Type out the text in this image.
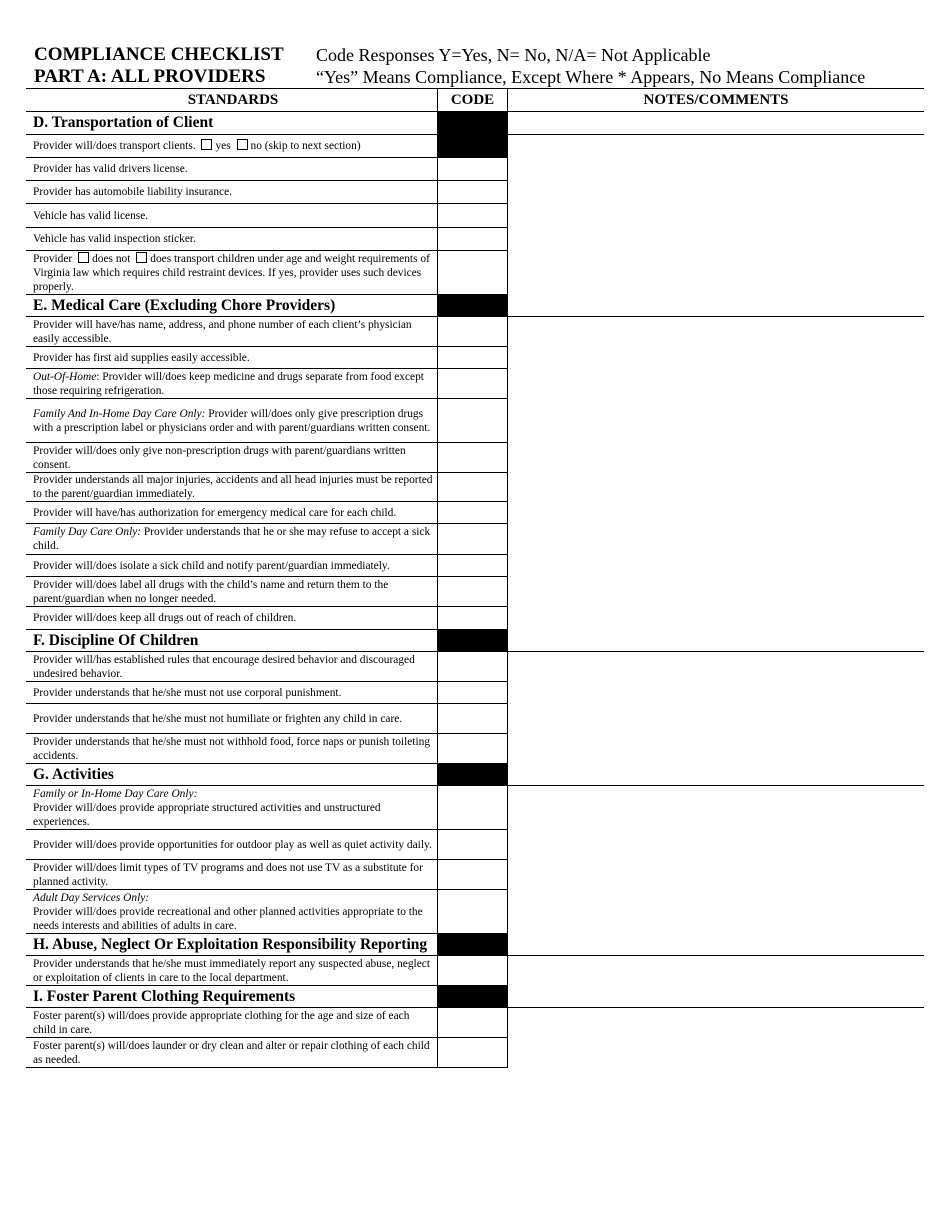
COMPLIANCE CHECKLIST
PART A: ALL PROVIDERS
Code Responses Y=Yes, N= No, N/A= Not Applicable
“Yes” Means Compliance, Except Where * Appears, No Means Compliance
STANDARDS	CODE	NOTES/COMMENTS
D. Transportation of Client
Provider will/does transport clients. yes no (skip to next section)
Provider has valid drivers license.
Provider has automobile liability insurance.
Vehicle has valid license.
Vehicle has valid inspection sticker.
Provider does not does transport children under age and weight requirements of Virginia law which requires child restraint devices. If yes, provider uses such devices properly.
E. Medical Care (Excluding Chore Providers)
Provider will have/has name, address, and phone number of each client’s physician easily accessible.
Provider has first aid supplies easily accessible.
Out-Of-Home: Provider will/does keep medicine and drugs separate from food except those requiring refrigeration.
Family And In-Home Day Care Only: Provider will/does only give prescription drugs with a prescription label or physicians order and with parent/guardians written consent.
Provider will/does only give non-prescription drugs with parent/guardians written consent.
Provider understands all major injuries, accidents and all head injuries must be reported to the parent/guardian immediately.
Provider will have/has authorization for emergency medical care for each child.
Family Day Care Only: Provider understands that he or she may refuse to accept a sick child.
Provider will/does isolate a sick child and notify parent/guardian immediately.
Provider will/does label all drugs with the child’s name and return them to the parent/guardian when no longer needed.
Provider will/does keep all drugs out of reach of children.
F. Discipline Of Children
Provider will/has established rules that encourage desired behavior and discouraged undesired behavior.
Provider understands that he/she must not use corporal punishment.
Provider understands that he/she must not humiliate or frighten any child in care.
Provider understands that he/she must not withhold food, force naps or punish toileting accidents.
G. Activities
Family or In-Home Day Care Only:
Provider will/does provide appropriate structured activities and unstructured experiences.
Provider will/does provide opportunities for outdoor play as well as quiet activity daily.
Provider will/does limit types of TV programs and does not use TV as a substitute for planned activity.
Adult Day Services Only:
Provider will/does provide recreational and other planned activities appropriate to the needs interests and abilities of adults in care.
H. Abuse, Neglect Or Exploitation Responsibility Reporting
Provider understands that he/she must immediately report any suspected abuse, neglect or exploitation of clients in care to the local department.
I. Foster Parent Clothing Requirements
Foster parent(s) will/does provide appropriate clothing for the age and size of each child in care.
Foster parent(s) will/does launder or dry clean and alter or repair clothing of each child as needed.
